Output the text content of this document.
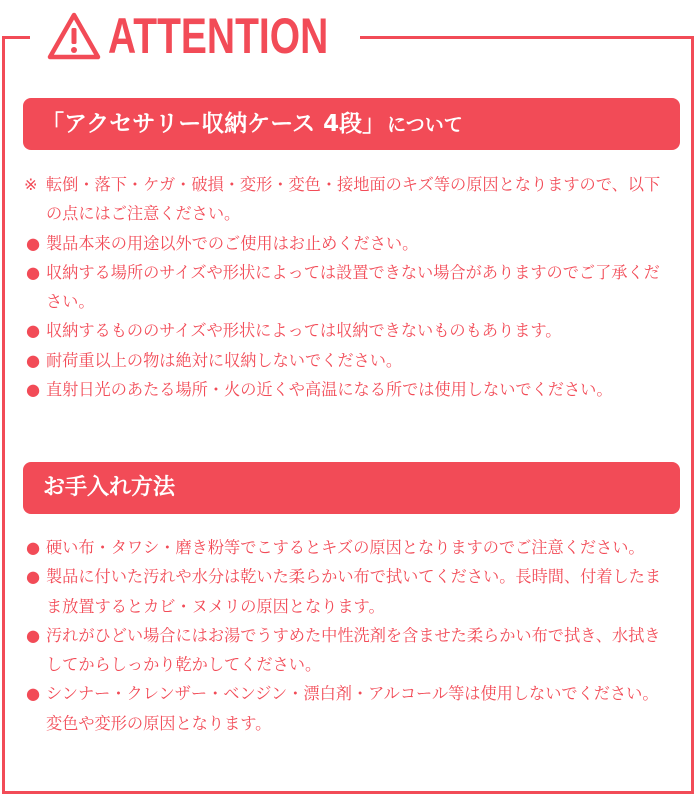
ATTENTION
「アクセサリー収納ケース 4段」 について
※ 転倒・落下・ケガ・破損・変形・変色・接地面のキズ等の原因となりますので、以下の点にはご注意ください。
● 製品本来の用途以外でのご使用はお止めください。
● 収納する場所のサイズや形状によっては設置できない場合がありますのでご了承ください。
● 収納するもののサイズや形状によっては収納できないものもあります。
● 耐荷重以上の物は絶対に収納しないでください。
● 直射日光のあたる場所・火の近くや高温になる所では使用しないでください。
お手入れ方法
● 硬い布・タワシ・磨き粉等でこするとキズの原因となりますのでご注意ください。
● 製品に付いた汚れや水分は乾いた柔らかい布で拭いてください。長時間、付着したまま放置するとカビ・ヌメリの原因となります。
● 汚れがひどい場合にはお湯でうすめた中性洗剤を含ませた柔らかい布で拭き、水拭きしてからしっかり乾かしてください。
● シンナー・クレンザー・ベンジン・漂白剤・アルコール等は使用しないでください。変色や変形の原因となります。
